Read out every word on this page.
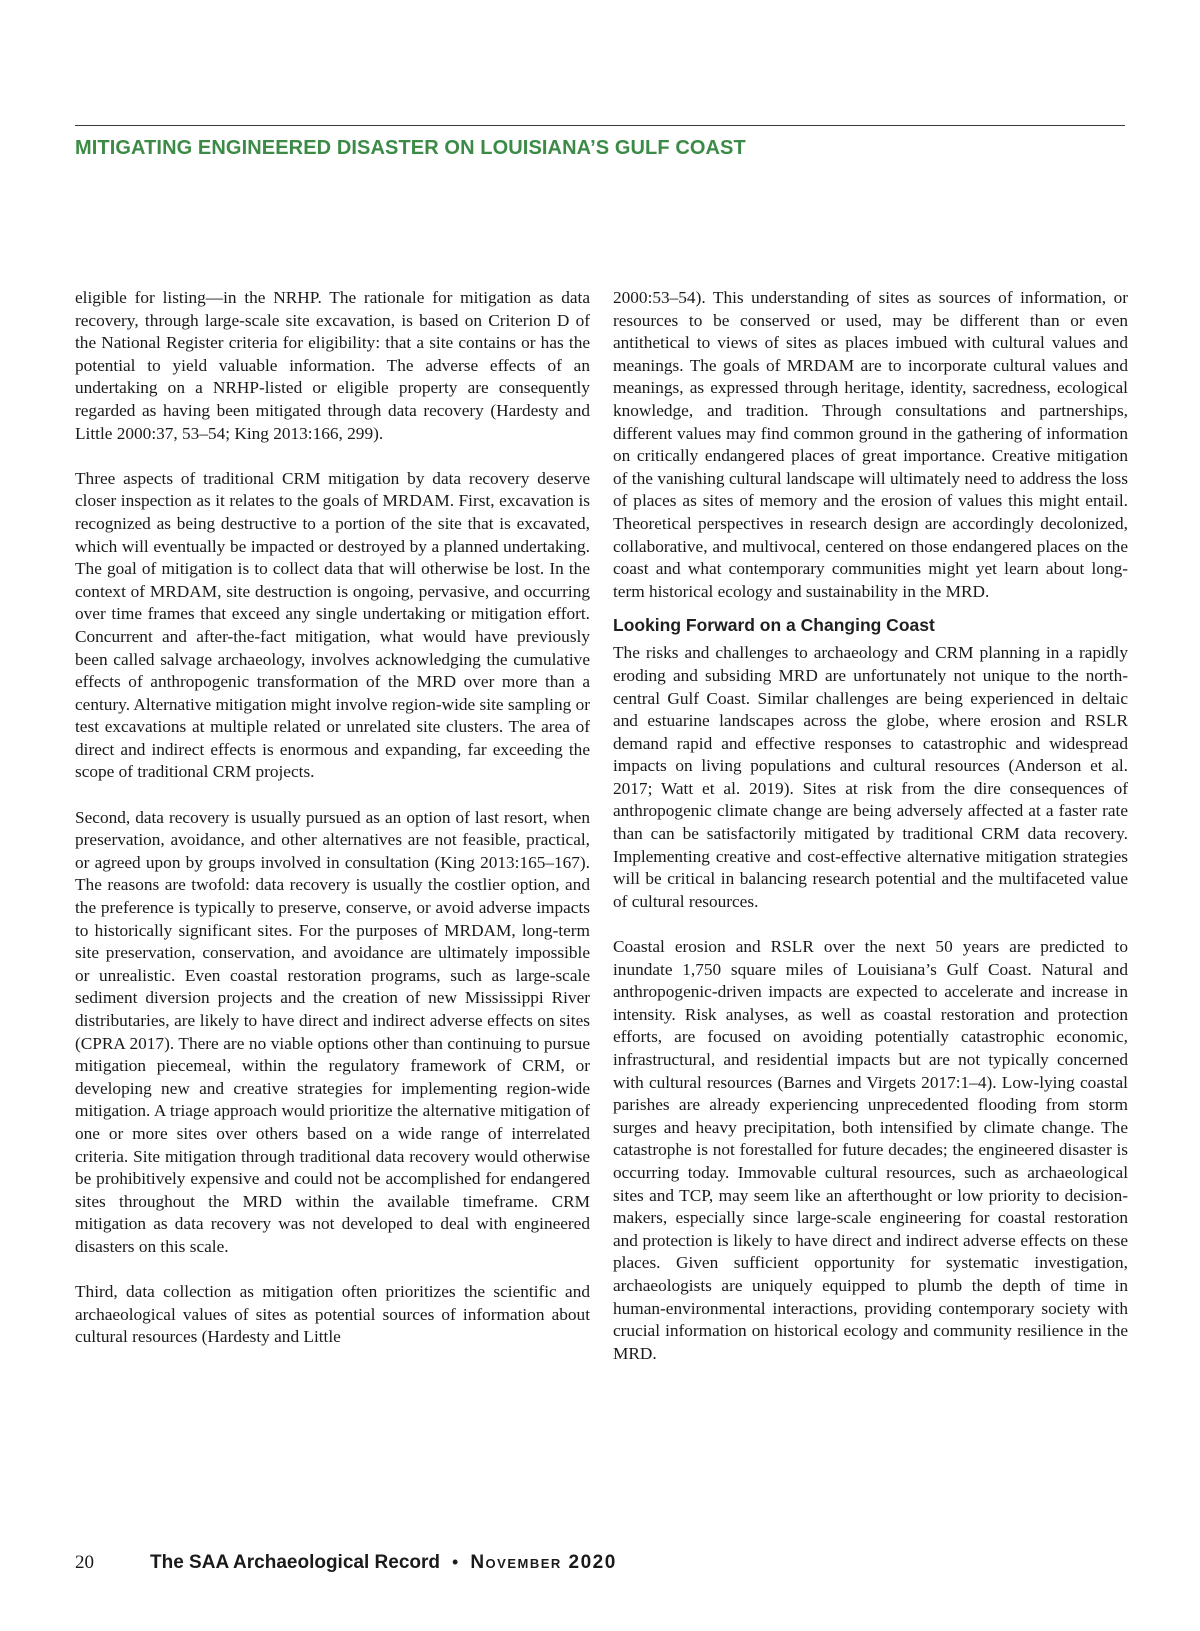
MITIGATING ENGINEERED DISASTER ON LOUISIANA’S GULF COAST

eligible for listing—in the NRHP. The rationale for mitigation as data recovery, through large-scale site excavation, is based on Criterion D of the National Register criteria for eligibility: that a site contains or has the potential to yield valuable information. The adverse effects of an undertaking on a NRHP-listed or eligible property are consequently regarded as having been mitigated through data recovery (Hardesty and Little 2000:37, 53–54; King 2013:166, 299).

Three aspects of traditional CRM mitigation by data recovery deserve closer inspection as it relates to the goals of MRDAM. First, excavation is recognized as being destructive to a portion of the site that is excavated, which will eventually be impacted or destroyed by a planned undertaking. The goal of mitigation is to collect data that will otherwise be lost. In the context of MRDAM, site destruction is ongoing, pervasive, and occurring over time frames that exceed any single undertaking or mitigation effort. Concurrent and after-the-fact mitigation, what would have previously been called salvage archaeology, involves acknowledging the cumulative effects of anthropogenic transformation of the MRD over more than a century. Alternative mitigation might involve region-wide site sampling or test excavations at multiple related or unrelated site clusters. The area of direct and indirect effects is enormous and expanding, far exceeding the scope of traditional CRM projects.

Second, data recovery is usually pursued as an option of last resort, when preservation, avoidance, and other alternatives are not feasible, practical, or agreed upon by groups involved in consultation (King 2013:165–167). The reasons are twofold: data recovery is usually the costlier option, and the preference is typically to preserve, conserve, or avoid adverse impacts to historically significant sites. For the purposes of MRDAM, long-term site preservation, conservation, and avoidance are ultimately impossible or unrealistic. Even coastal restoration programs, such as large-scale sediment diversion projects and the creation of new Mississippi River distributaries, are likely to have direct and indirect adverse effects on sites (CPRA 2017). There are no viable options other than continuing to pursue mitigation piecemeal, within the regulatory framework of CRM, or developing new and creative strategies for implementing region-wide mitigation. A triage approach would prioritize the alternative mitigation of one or more sites over others based on a wide range of interrelated criteria. Site mitigation through traditional data recovery would otherwise be prohibitively expensive and could not be accomplished for endangered sites throughout the MRD within the available timeframe. CRM mitigation as data recovery was not developed to deal with engineered disasters on this scale.

Third, data collection as mitigation often prioritizes the scientific and archaeological values of sites as potential sources of information about cultural resources (Hardesty and Little

2000:53–54). This understanding of sites as sources of information, or resources to be conserved or used, may be different than or even antithetical to views of sites as places imbued with cultural values and meanings. The goals of MRDAM are to incorporate cultural values and meanings, as expressed through heritage, identity, sacredness, ecological knowledge, and tradition. Through consultations and partnerships, different values may find common ground in the gathering of information on critically endangered places of great importance. Creative mitigation of the vanishing cultural landscape will ultimately need to address the loss of places as sites of memory and the erosion of values this might entail. Theoretical perspectives in research design are accordingly decolonized, collaborative, and multivocal, centered on those endangered places on the coast and what contemporary communities might yet learn about long-term historical ecology and sustainability in the MRD.

Looking Forward on a Changing Coast

The risks and challenges to archaeology and CRM planning in a rapidly eroding and subsiding MRD are unfortunately not unique to the north-central Gulf Coast. Similar challenges are being experienced in deltaic and estuarine landscapes across the globe, where erosion and RSLR demand rapid and effective responses to catastrophic and widespread impacts on living populations and cultural resources (Anderson et al. 2017; Watt et al. 2019). Sites at risk from the dire consequences of anthropogenic climate change are being adversely affected at a faster rate than can be satisfactorily mitigated by traditional CRM data recovery. Implementing creative and cost-effective alternative mitigation strategies will be critical in balancing research potential and the multifaceted value of cultural resources.

Coastal erosion and RSLR over the next 50 years are predicted to inundate 1,750 square miles of Louisiana’s Gulf Coast. Natural and anthropogenic-driven impacts are expected to accelerate and increase in intensity. Risk analyses, as well as coastal restoration and protection efforts, are focused on avoiding potentially catastrophic economic, infrastructural, and residential impacts but are not typically concerned with cultural resources (Barnes and Virgets 2017:1–4). Low-lying coastal parishes are already experiencing unprecedented flooding from storm surges and heavy precipitation, both intensified by climate change. The catastrophe is not forestalled for future decades; the engineered disaster is occurring today. Immovable cultural resources, such as archaeological sites and TCP, may seem like an afterthought or low priority to decision-makers, especially since large-scale engineering for coastal restoration and protection is likely to have direct and indirect adverse effects on these places. Given sufficient opportunity for systematic investigation, archaeologists are uniquely equipped to plumb the depth of time in human-environmental interactions, providing contemporary society with crucial information on historical ecology and community resilience in the MRD.

20	The SAA Archaeological Record • November 2020
